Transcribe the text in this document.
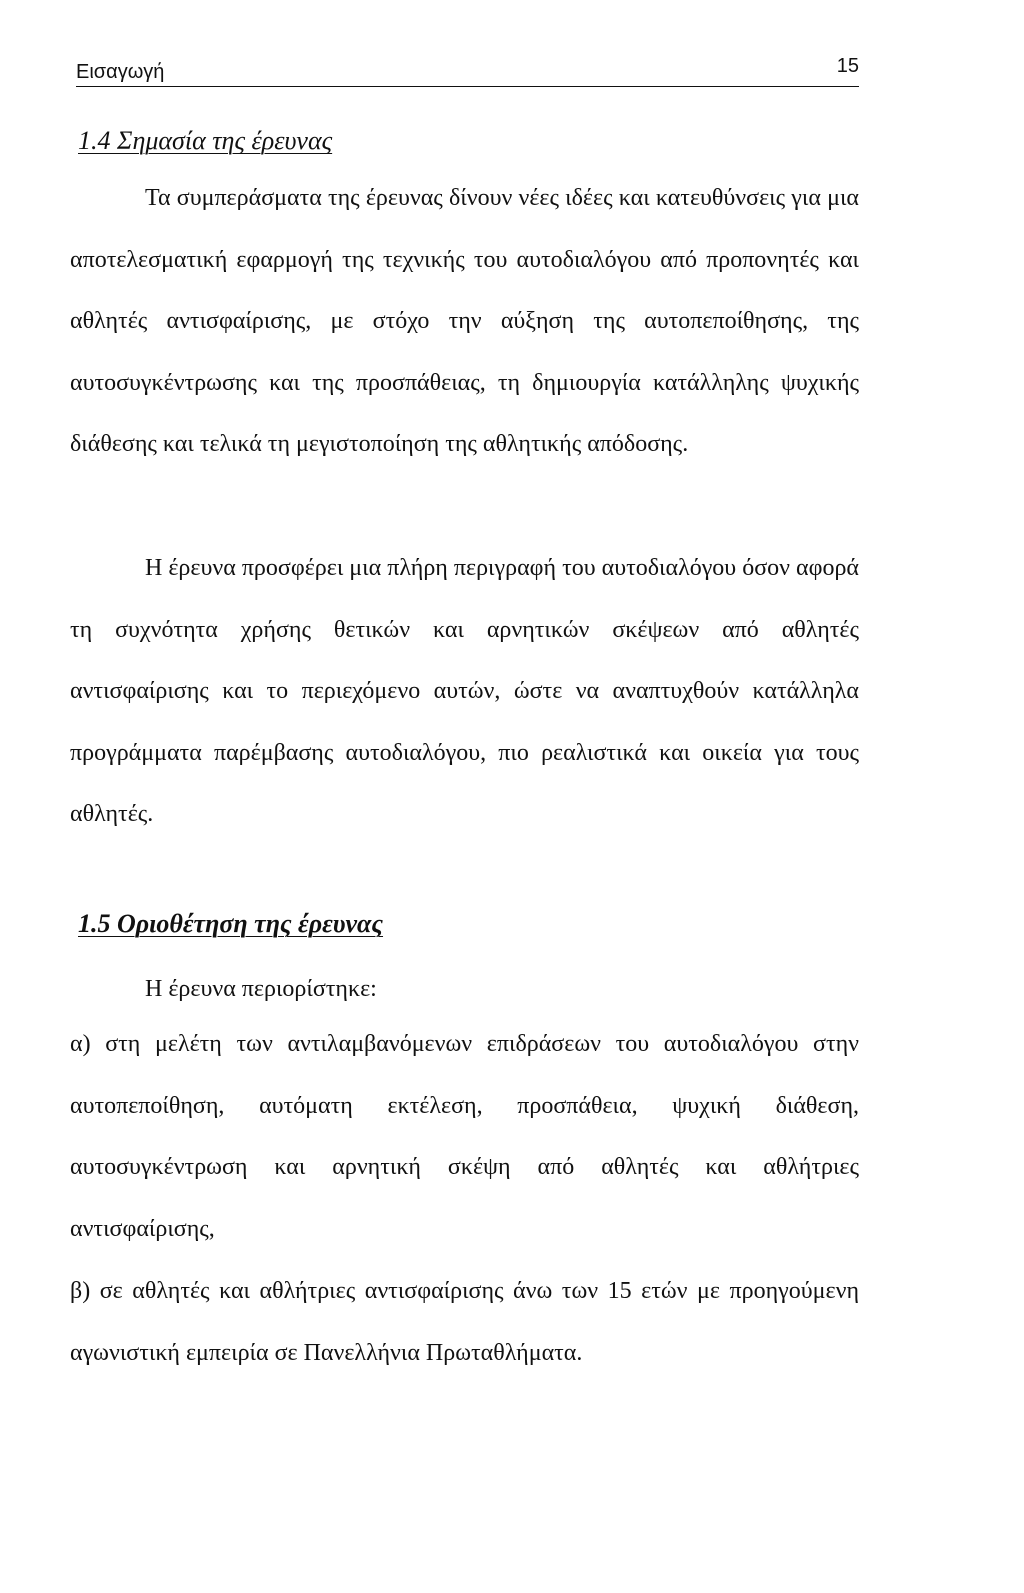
Εισαγωγή	15
1.4 Σημασία της έρευνας

Τα συμπεράσματα της έρευνας δίνουν νέες ιδέες και κατευθύνσεις για μια αποτελεσματική εφαρμογή της τεχνικής του αυτοδιαλόγου από προπονητές και αθλητές αντισφαίρισης, με στόχο την αύξηση της αυτοπεποίθησης, της αυτοσυγκέντρωσης και της προσπάθειας, τη δημιουργία κατάλληλης ψυχικής διάθεσης και τελικά τη μεγιστοποίηση της αθλητικής απόδοσης.

Η έρευνα προσφέρει μια πλήρη περιγραφή του αυτοδιαλόγου όσον αφορά τη συχνότητα χρήσης θετικών και αρνητικών σκέψεων από αθλητές αντισφαίρισης και το περιεχόμενο αυτών, ώστε να αναπτυχθούν κατάλληλα προγράμματα παρέμβασης αυτοδιαλόγου, πιο ρεαλιστικά και οικεία για τους αθλητές.

1.5 Οριοθέτηση της έρευνας

Η έρευνα περιορίστηκε:

α) στη μελέτη των αντιλαμβανόμενων επιδράσεων του αυτοδιαλόγου στην αυτοπεποίθηση, αυτόματη εκτέλεση, προσπάθεια, ψυχική διάθεση, αυτοσυγκέντρωση και αρνητική σκέψη από αθλητές και αθλήτριες αντισφαίρισης,

β) σε αθλητές και αθλήτριες αντισφαίρισης άνω των 15 ετών με προηγούμενη αγωνιστική εμπειρία σε Πανελλήνια Πρωταθλήματα.
